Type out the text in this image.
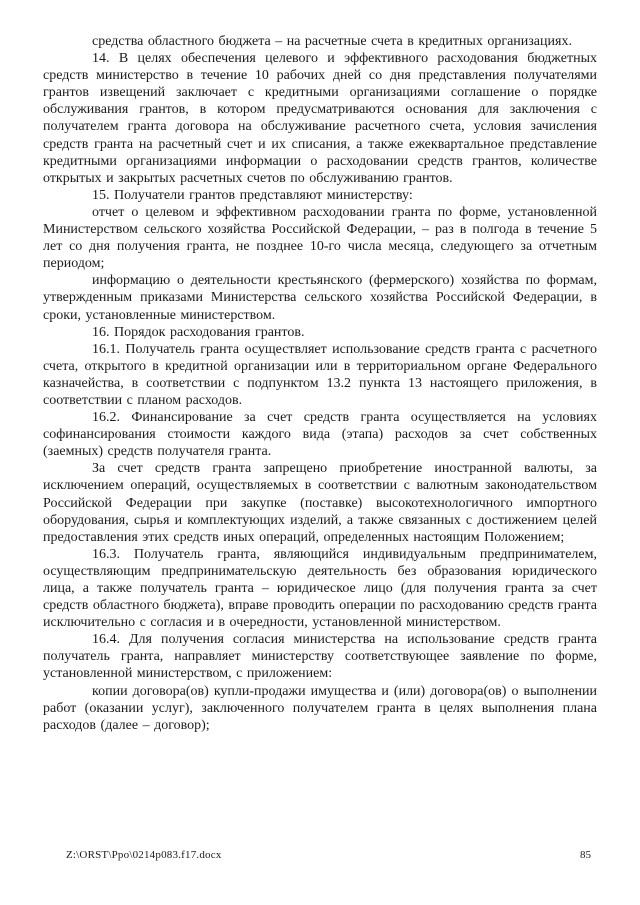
средства областного бюджета – на расчетные счета в кредитных организациях.

14. В целях обеспечения целевого и эффективного расходования бюджетных средств министерство в течение 10 рабочих дней со дня представления получателями грантов извещений заключает с кредитными организациями соглашение о порядке обслуживания грантов, в котором предусматриваются основания для заключения с получателем гранта договора на обслуживание расчетного счета, условия зачисления средств гранта на расчетный счет и их списания, а также ежеквартальное представление кредитными организациями информации о расходовании средств грантов, количестве открытых и закрытых расчетных счетов по обслуживанию грантов.

15. Получатели грантов представляют министерству:

отчет о целевом и эффективном расходовании гранта по форме, установленной Министерством сельского хозяйства Российской Федерации, – раз в полгода в течение 5 лет со дня получения гранта, не позднее 10-го числа месяца, следующего за отчетным периодом;

информацию о деятельности крестьянского (фермерского) хозяйства по формам, утвержденным приказами Министерства сельского хозяйства Российской Федерации, в сроки, установленные министерством.

16. Порядок расходования грантов.

16.1. Получатель гранта осуществляет использование средств гранта с расчетного счета, открытого в кредитной организации или в территориальном органе Федерального казначейства, в соответствии с подпунктом 13.2 пункта 13 настоящего приложения, в соответствии с планом расходов.

16.2. Финансирование за счет средств гранта осуществляется на условиях софинансирования стоимости каждого вида (этапа) расходов за счет собственных (заемных) средств получателя гранта.

За счет средств гранта запрещено приобретение иностранной валюты, за исключением операций, осуществляемых в соответствии с валютным законодательством Российской Федерации при закупке (поставке) высокотехнологичного импортного оборудования, сырья и комплектующих изделий, а также связанных с достижением целей предоставления этих средств иных операций, определенных настоящим Положением;

16.3. Получатель гранта, являющийся индивидуальным предпринимателем, осуществляющим предпринимательскую деятельность без образования юридического лица, а также получатель гранта – юридическое лицо (для получения гранта за счет средств областного бюджета), вправе проводить операции по расходованию средств гранта исключительно с согласия и в очередности, установленной министерством.

16.4. Для получения согласия министерства на использование средств гранта получатель гранта, направляет министерству соответствующее заявление по форме, установленной министерством, с приложением:

копии договора(ов) купли-продажи имущества и (или) договора(ов) о выполнении работ (оказании услуг), заключенного получателем гранта в целях выполнения плана расходов (далее – договор);

Z:\ORST\Ppo\0214p083.f17.docx	85
